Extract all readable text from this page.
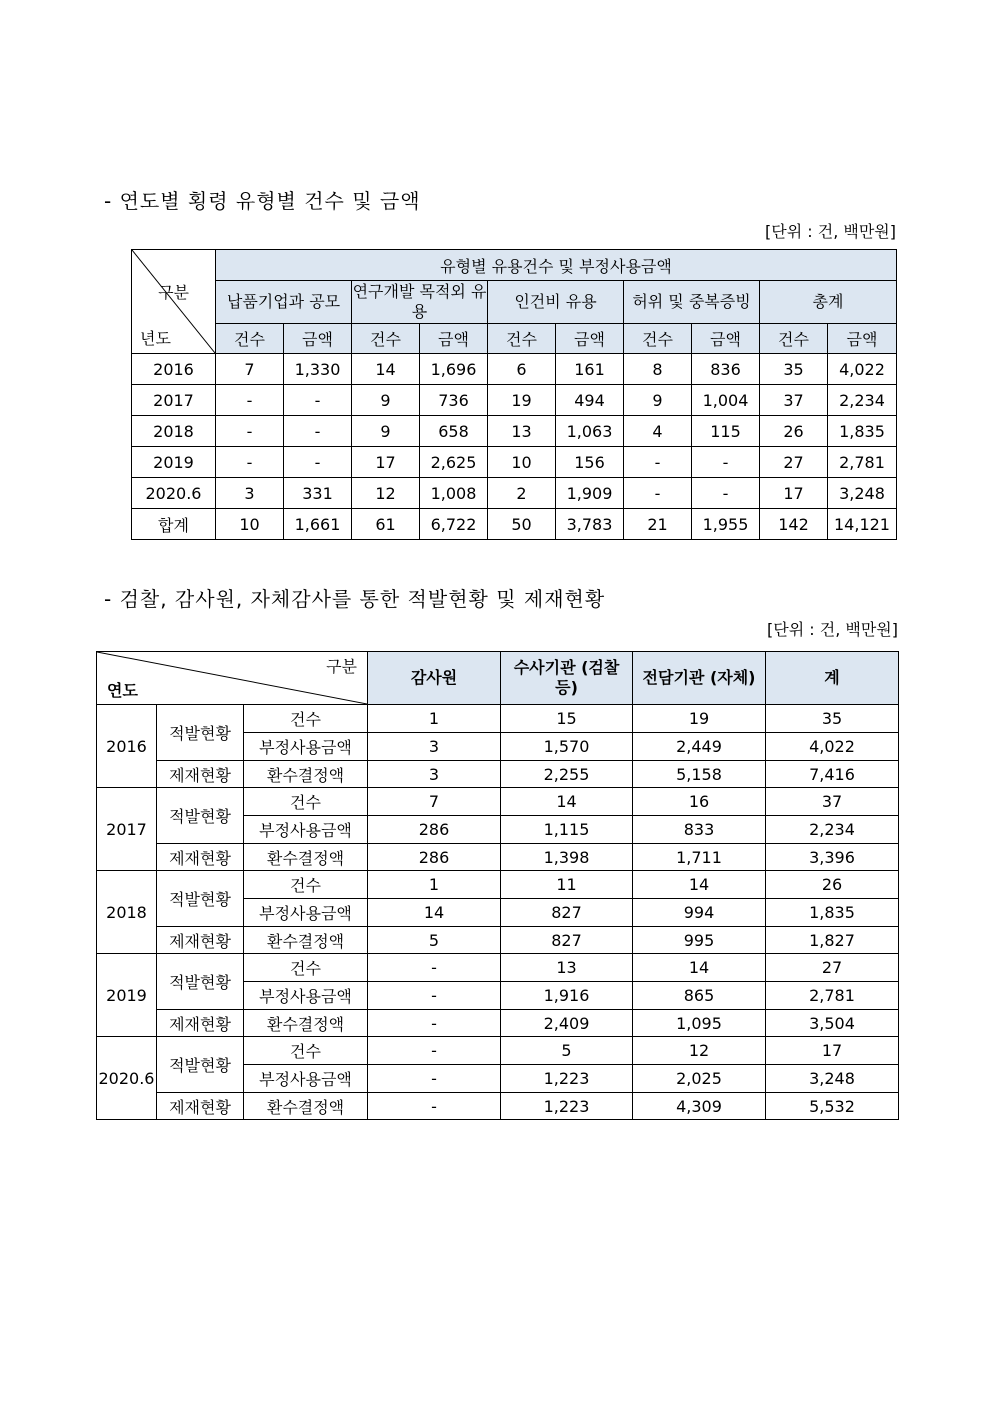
- 연도별 횡령 유형별 건수 및 금액
[단위 : 건, 백만원]
구분
년도	유형별 유용건수 및 부정사용금액									
	납품기업과 공모		연구개발 목적외 유용		인건비 유용		허위 및 중복증빙		총계	
	건수	금액	건수	금액	건수	금액	건수	금액	건수	금액
2016	7	1,330	14	1,696	6	161	8	836	35	4,022
2017	-	-	9	736	19	494	9	1,004	37	2,234
2018	-	-	9	658	13	1,063	4	115	26	1,835
2019	-	-	17	2,625	10	156	-	-	27	2,781
2020.6	3	331	12	1,008	2	1,909	-	-	17	3,248
합계	10	1,661	61	6,722	50	3,783	21	1,955	142	14,121
- 검찰, 감사원, 자체감사를 통한 적발현황 및 제재현황
[단위 : 건, 백만원]
구분
연도			감사원	수사기관 (검찰 등)	전담기관 (자체)	계
2016	적발현황	건수	1	15	19	35
		부정사용금액	3	1,570	2,449	4,022
	제재현황	환수결정액	3	2,255	5,158	7,416
2017	적발현황	건수	7	14	16	37
		부정사용금액	286	1,115	833	2,234
	제재현황	환수결정액	286	1,398	1,711	3,396
2018	적발현황	건수	1	11	14	26
		부정사용금액	14	827	994	1,835
	제재현황	환수결정액	5	827	995	1,827
2019	적발현황	건수	-	13	14	27
		부정사용금액	-	1,916	865	2,781
	제재현황	환수결정액	-	2,409	1,095	3,504
2020.6	적발현황	건수	-	5	12	17
		부정사용금액	-	1,223	2,025	3,248
	제재현황	환수결정액	-	1,223	4,309	5,532
